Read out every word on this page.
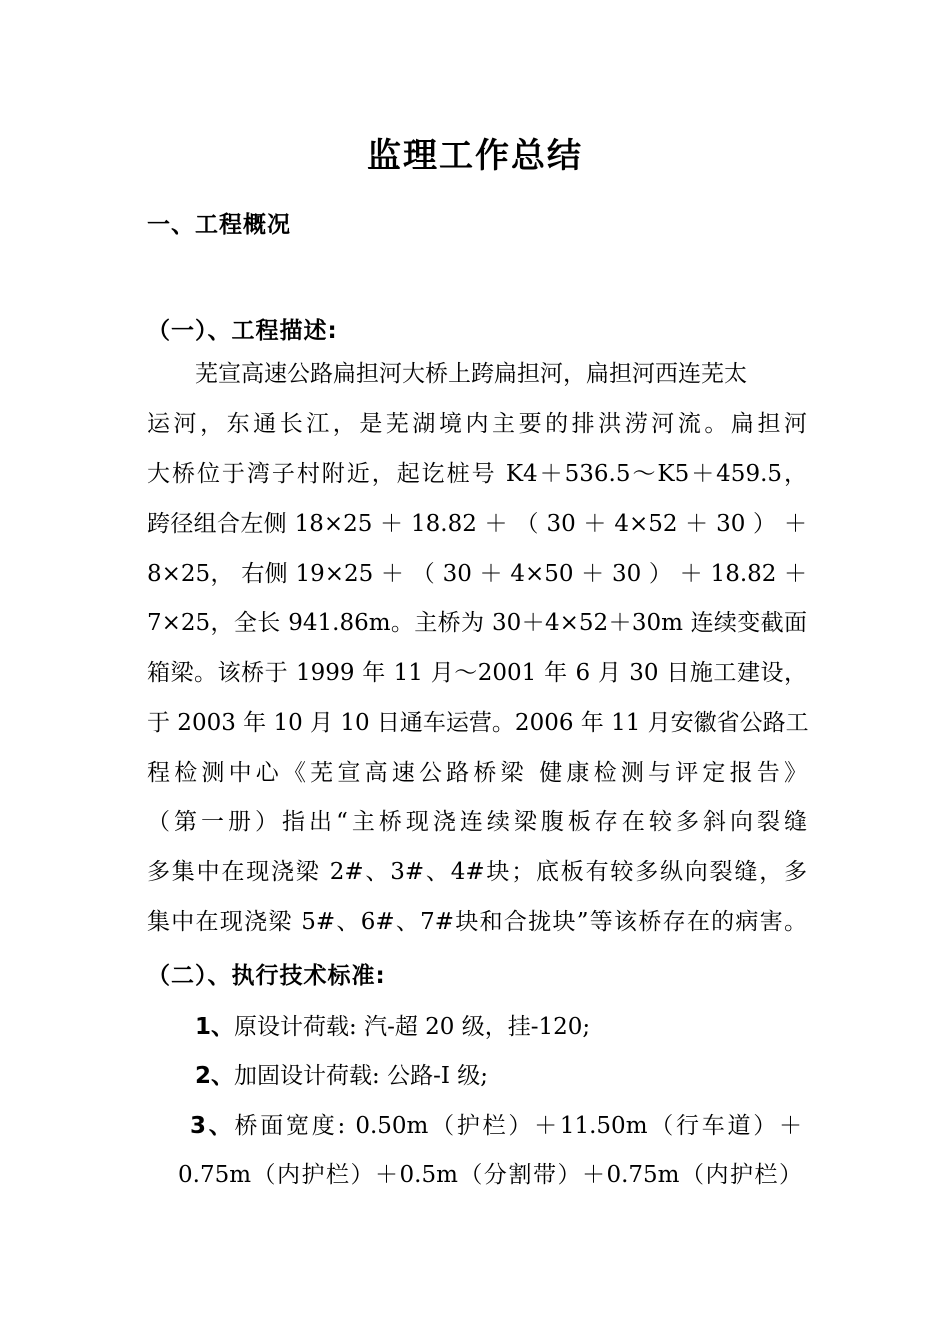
监理工作总结
一、工程概况
（一）、工程描述:
芜宣高速公路扁担河大桥上跨扁担河，扁担河西连芜太
运河，东通长江，是芜湖境内主要的排洪涝河流。扁担河
大桥位于湾子村附近，起讫桩号 K4＋536.5～K5＋459.5，
跨径组合左侧 18×25 ＋ 18.82 ＋ （ 30 ＋ 4×52 ＋ 30 ） ＋
8×25， 右侧 19×25 ＋ （ 30 ＋ 4×50 ＋ 30 ） ＋ 18.82 ＋
7×25，全长 941.86m。主桥为 30＋4×52＋30m 连续变截面
箱梁。该桥于 1999 年 11 月～2001 年 6 月 30 日施工建设，
于 2003 年 10 月 10 日通车运营。2006 年 11 月安徽省公路工
程检测中心《芜宣高速公路桥梁 健康检测与评定报告》
（第一册）指出“主桥现浇连续梁腹板存在较多斜向裂缝
多集中在现浇梁 2#、3#、4#块；底板有较多纵向裂缝，多
集中在现浇梁 5#、6#、7#块和合拢块”等该桥存在的病害。
（二）、执行技术标准:
1、原设计荷载: 汽-超 20 级，挂-120;
2、加固设计荷载: 公路-Ⅰ 级;
3、桥面宽度: 0.50m（护栏）＋11.50m（行车道）＋
0.75m（内护栏）＋0.5m（分割带）＋0.75m（内护栏）
